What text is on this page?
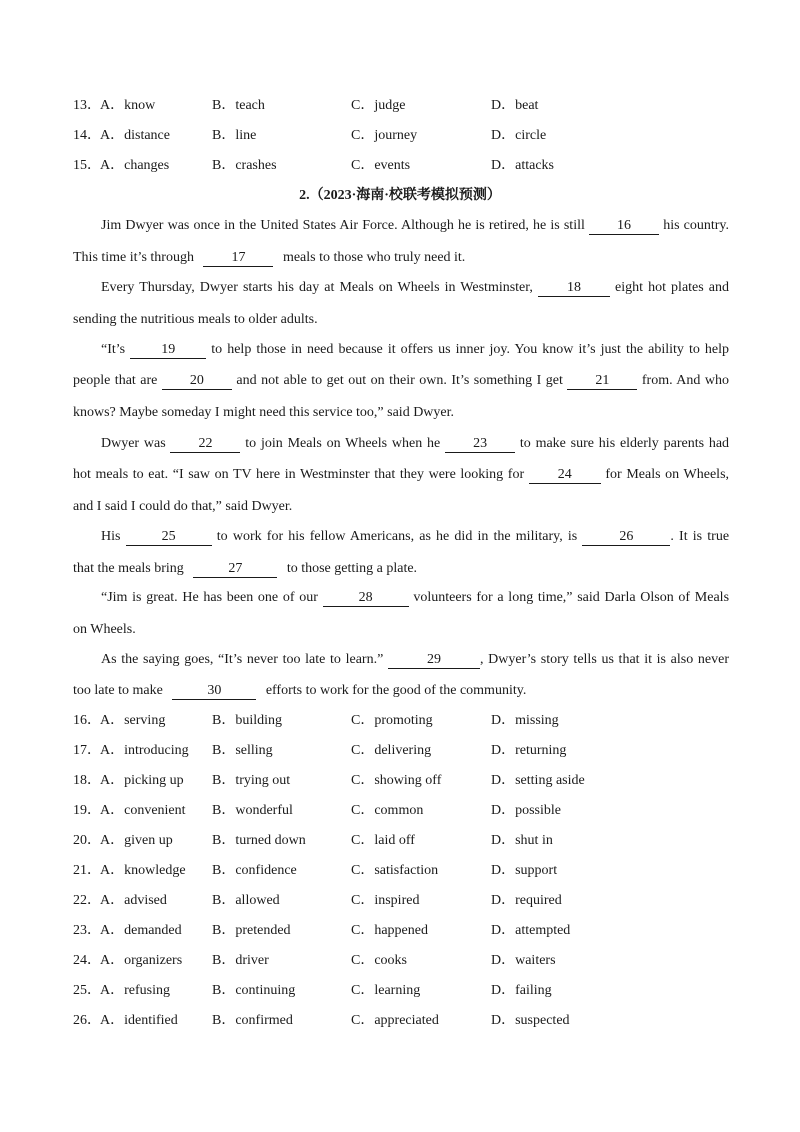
13． A．know	B．teach	C．judge	D．beat
14． A．distance	B．line	C．journey	D．circle
15． A．changes	B．crashes	C．events	D．attacks
2.（2023·海南·校联考模拟预测）
Jim Dwyer was once in the United States Air Force. Although he is retired, he is still 16 his country.
This time it’s through	17	meals to those who truly need it.
Every Thursday, Dwyer starts his day at Meals on Wheels in Westminster, 18 eight hot plates and
sending the nutritious meals to older adults.
“It’s	19	to help those in need because it offers us inner joy. You know it’s just the ability to help
people that are 20 and not able to get out on their own. It’s something I get 21 from. And who
knows? Maybe someday I might need this service too,” said Dwyer.
Dwyer was 22 to join Meals on Wheels when he 23 to make sure his elderly parents had
hot meals to eat. “I saw on TV here in Westminster that they were looking for 24 for Meals on Wheels,
and I said I could do that,” said Dwyer.
His	25	to work for his fellow Americans, as he did in the military, is	26	. It is true
that the meals bring	27	to those getting a plate.
“Jim is great. He has been one of our	28	volunteers for a long time,” said Darla Olson of Meals
on Wheels.
As the saying goes, “It’s never too late to learn.”	29	, Dwyer’s story tells us that it is also never
too late to make	30	efforts to work for the good of the community.
16． A．serving	B．building	C．promoting	D．missing
17． A．introducing B．selling	C．delivering	D．returning
18． A．picking up B．trying out	C．showing off	D．setting aside
19． A．convenient B．wonderful	C．common	D．possible
20． A．given up	B．turned down	C．laid off	D．shut in
21． A．knowledge B．confidence	C．satisfaction	D．support
22． A．advised	B．allowed	C．inspired	D．required
23． A．demanded B．pretended	C．happened	D．attempted
24． A．organizers B．driver	C．cooks	D．waiters
25． A．refusing	B．continuing	C．learning	D．failing
26． A．identified B．confirmed	C．appreciated	D．suspected
